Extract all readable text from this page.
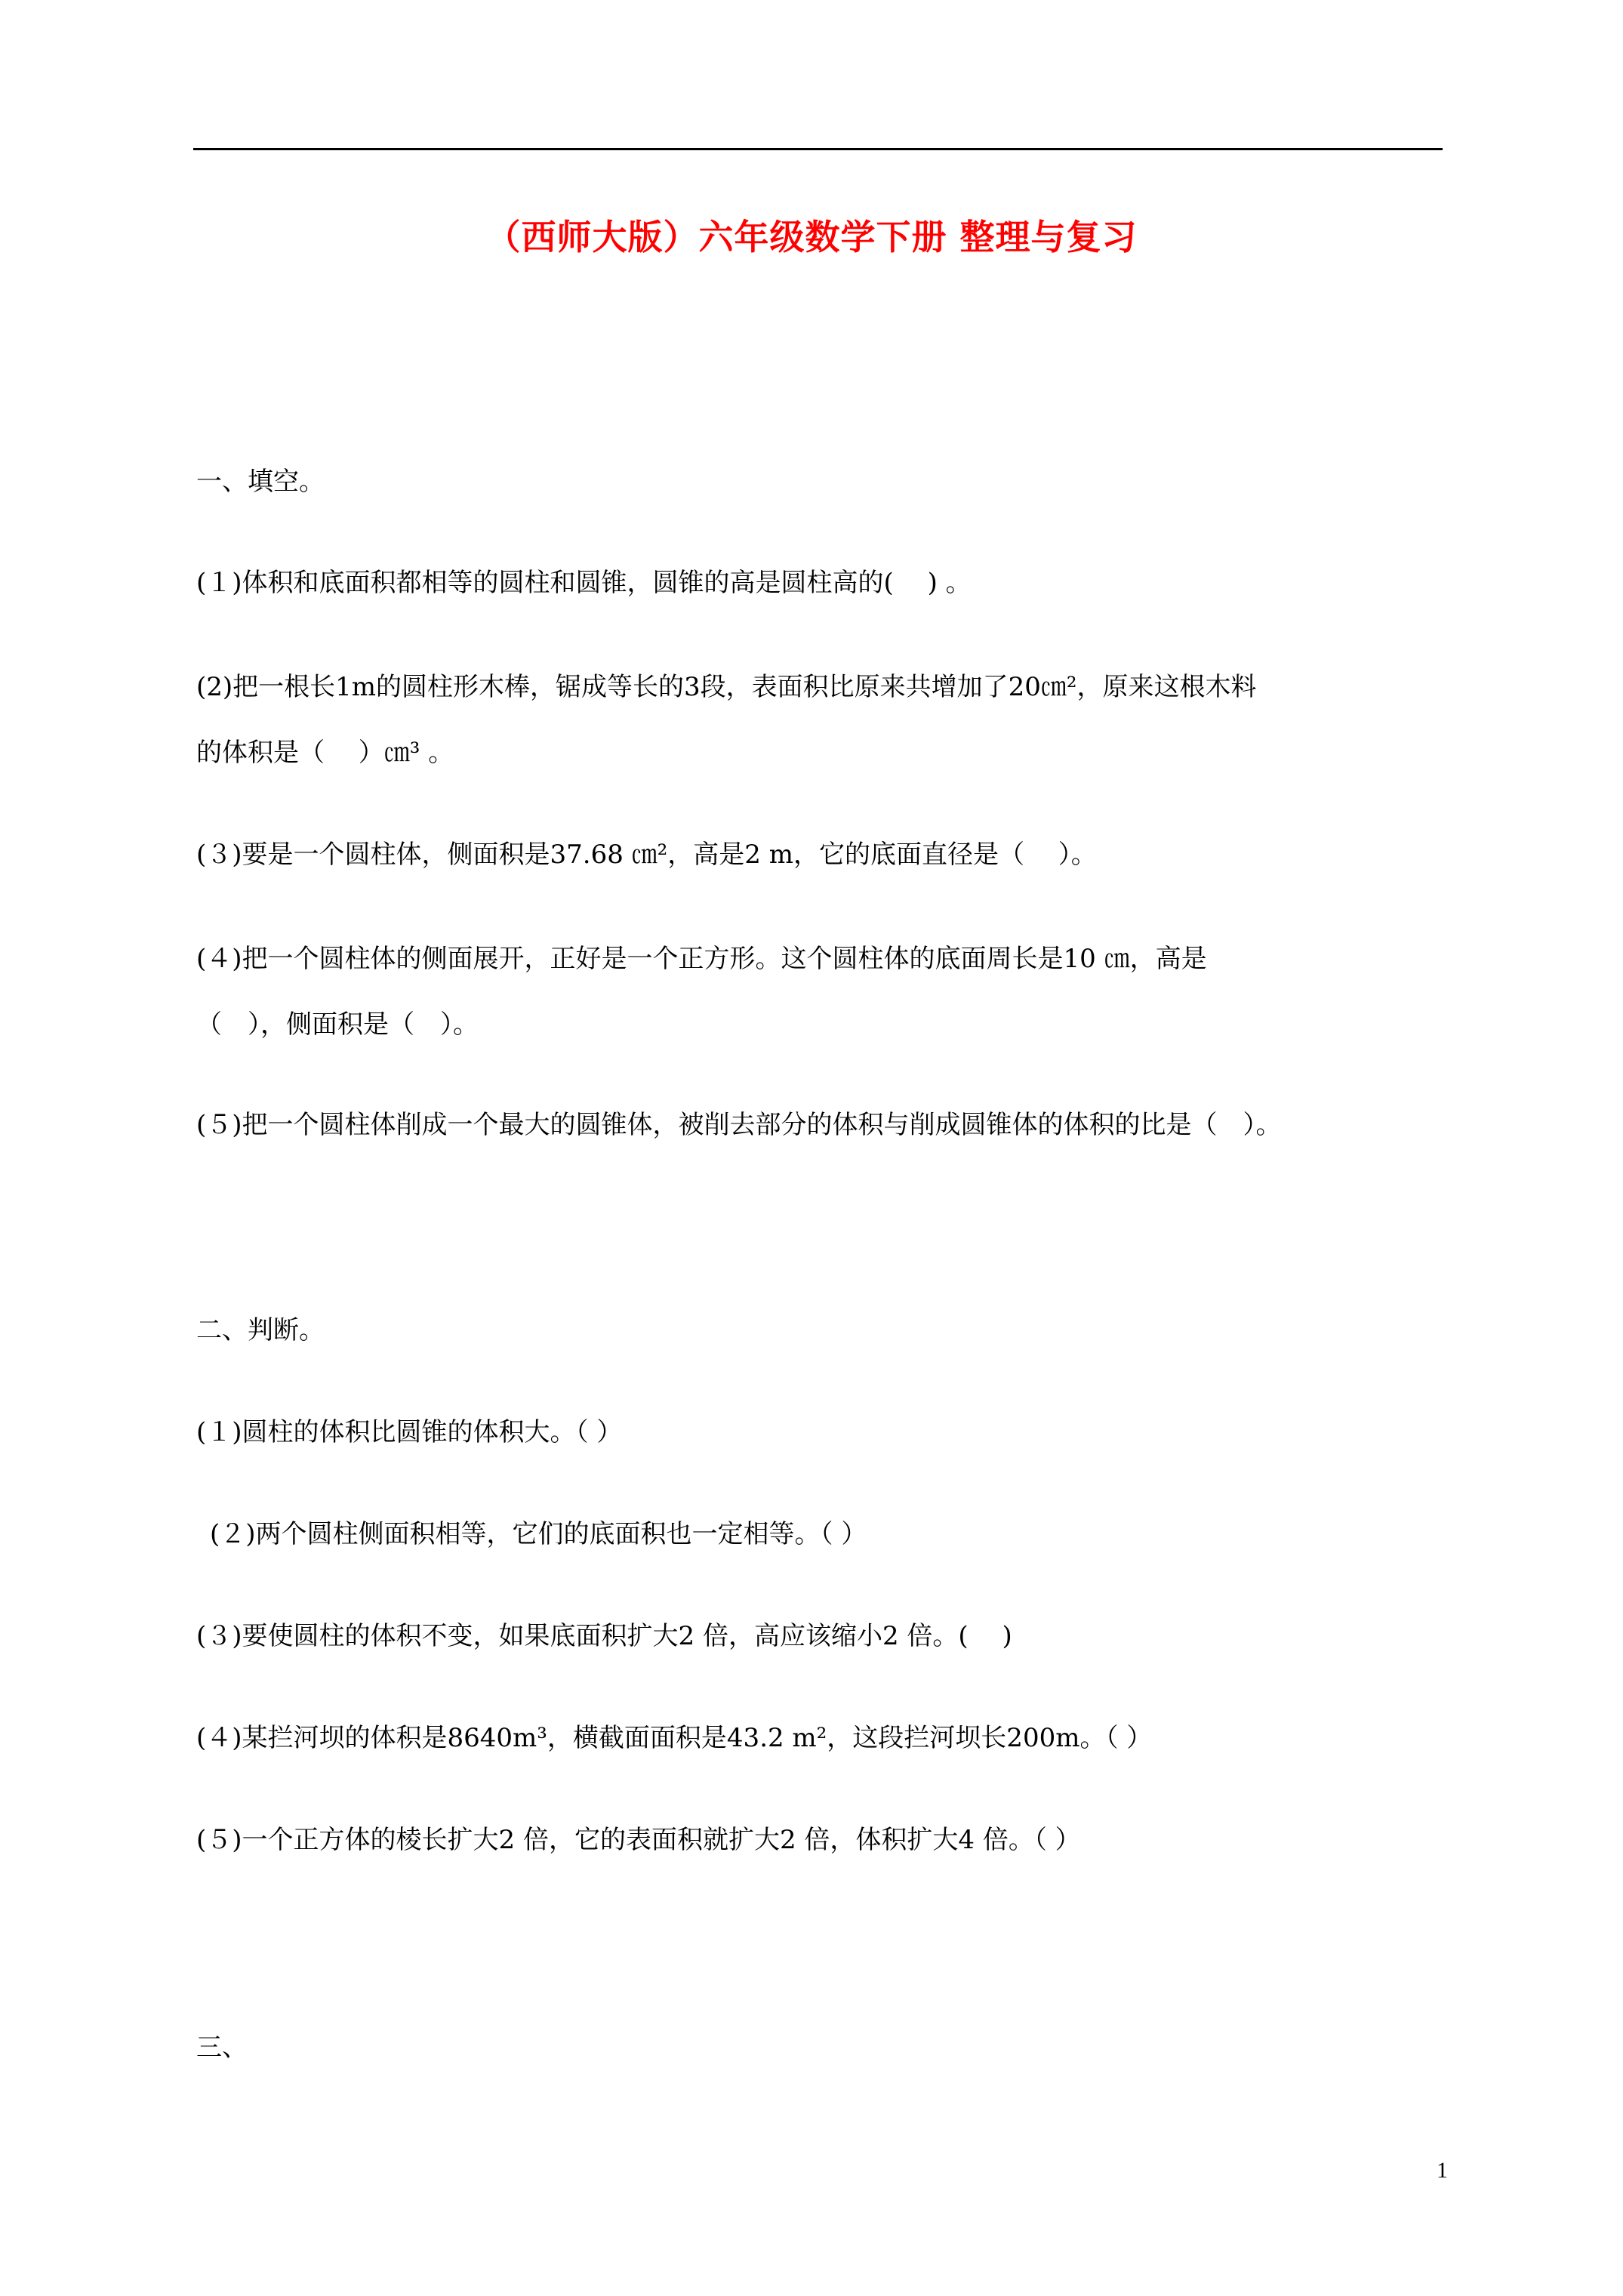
（西师大版）六年级数学下册 整理与复习
一、填空。
(１)体积和底面积都相等的圆柱和圆锥，圆锥的高是圆柱高的(　 ) 。
(2)把一根长1m的圆柱形木棒，锯成等长的3段，表面积比原来共增加了20㎝²，原来这根木料
的体积是（　 ）㎝³ 。
(３)要是一个圆柱体，侧面积是37.68 ㎝²，高是2 m，它的底面直径是（　 ）。
(４)把一个圆柱体的侧面展开，正好是一个正方形。这个圆柱体的底面周长是10 ㎝，高是
（　），侧面积是（　）。
(５)把一个圆柱体削成一个最大的圆锥体，被削去部分的体积与削成圆锥体的体积的比是（　）。
二、判断。
(１)圆柱的体积比圆锥的体积大。（ ）
(２)两个圆柱侧面积相等，它们的底面积也一定相等。（ ）
(３)要使圆柱的体积不变，如果底面积扩大2 倍，高应该缩小2 倍。(　 )
(４)某拦河坝的体积是8640m³，横截面面积是43.2 m²，这段拦河坝长200m。（ ）
(５)一个正方体的棱长扩大2 倍，它的表面积就扩大2 倍，体积扩大4 倍。（ ）
三、
1
